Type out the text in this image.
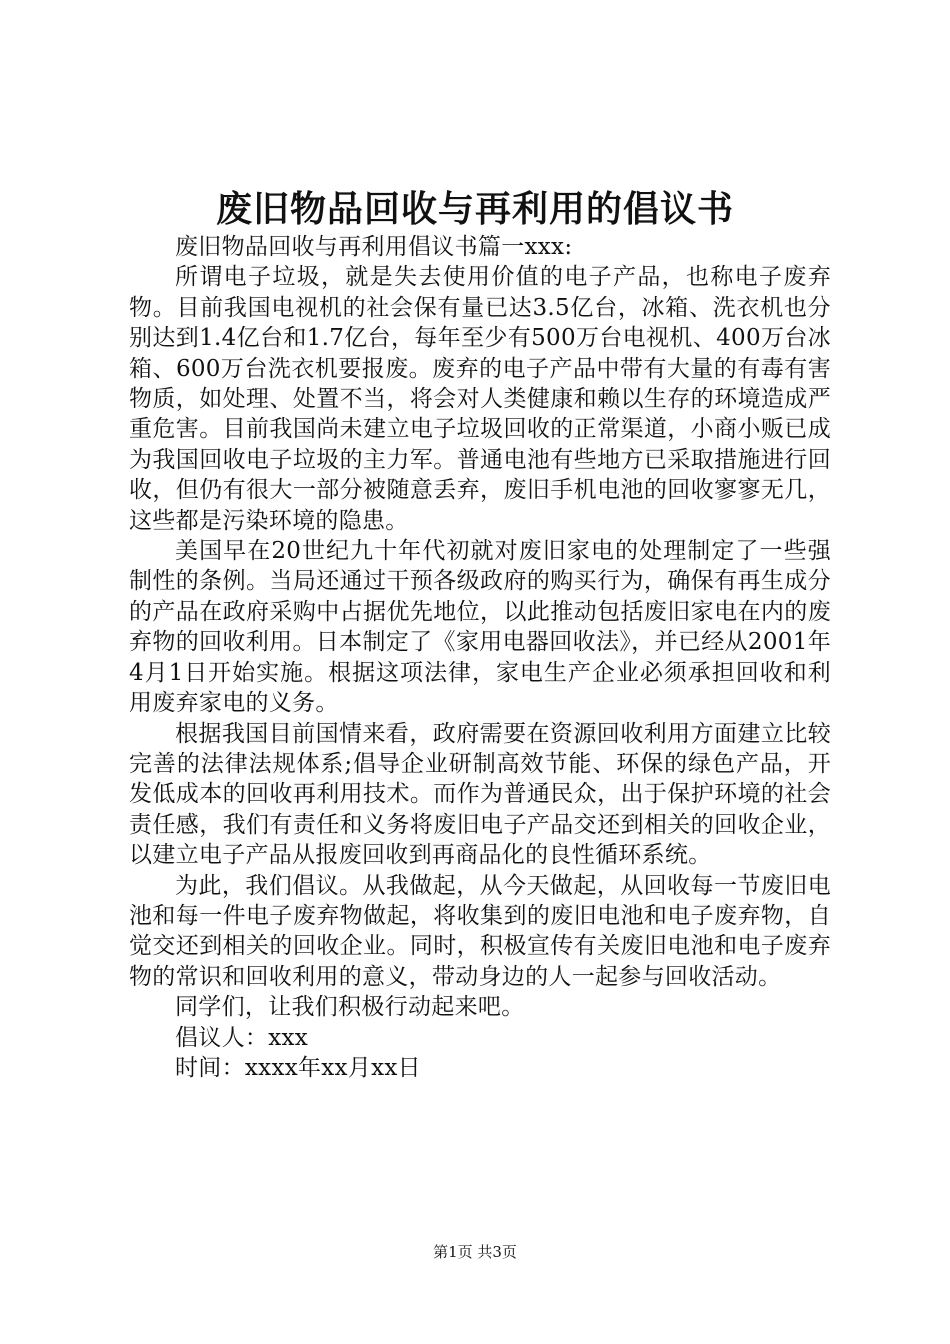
废旧物品回收与再利用的倡议书

废旧物品回收与再利用倡议书篇一xxx:

所谓电子垃圾，就是失去使用价值的电子产品，也称电子废弃物。目前我国电视机的社会保有量已达3.5亿台，冰箱、洗衣机也分别达到1.4亿台和1.7亿台，每年至少有500万台电视机、400万台冰箱、600万台洗衣机要报废。废弃的电子产品中带有大量的有毒有害物质，如处理、处置不当，将会对人类健康和赖以生存的环境造成严重危害。目前我国尚未建立电子垃圾回收的正常渠道，小商小贩已成为我国回收电子垃圾的主力军。普通电池有些地方已采取措施进行回收，但仍有很大一部分被随意丢弃，废旧手机电池的回收寥寥无几，这些都是污染环境的隐患。

美国早在20世纪九十年代初就对废旧家电的处理制定了一些强制性的条例。当局还通过干预各级政府的购买行为，确保有再生成分的产品在政府采购中占据优先地位，以此推动包括废旧家电在内的废弃物的回收利用。日本制定了《家用电器回收法》，并已经从2001年4月1日开始实施。根据这项法律，家电生产企业必须承担回收和利用废弃家电的义务。

根据我国目前国情来看，政府需要在资源回收利用方面建立比较完善的法律法规体系;倡导企业研制高效节能、环保的绿色产品，开发低成本的回收再利用技术。而作为普通民众，出于保护环境的社会责任感，我们有责任和义务将废旧电子产品交还到相关的回收企业，以建立电子产品从报废回收到再商品化的良性循环系统。

为此，我们倡议。从我做起，从今天做起，从回收每一节废旧电池和每一件电子废弃物做起，将收集到的废旧电池和电子废弃物，自觉交还到相关的回收企业。同时，积极宣传有关废旧电池和电子废弃物的常识和回收利用的意义，带动身边的人一起参与回收活动。

同学们，让我们积极行动起来吧。

倡议人：xxx

时间：xxxx年xx月xx日

第1页 共3页
